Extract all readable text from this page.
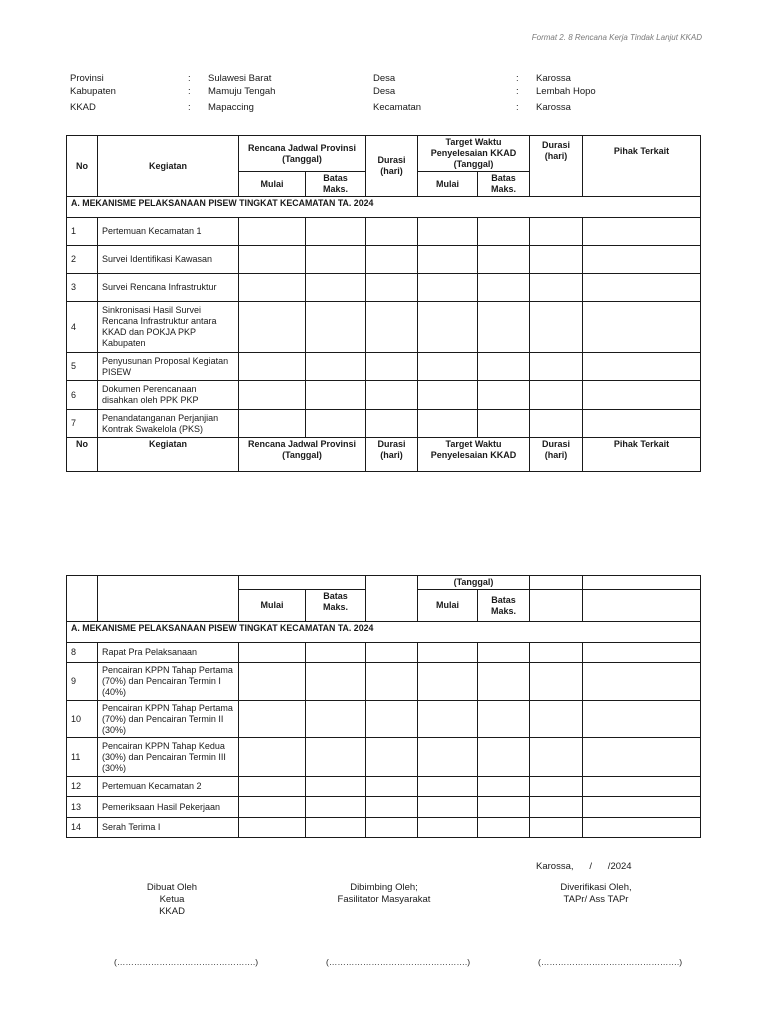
Format 2. 8 Rencana Kerja Tindak Lanjut KKAD
Provinsi	: Sulawesi Barat	Desa	: Karossa
Kabupaten	: Mamuju Tengah	Desa	: Lembah Hopo
KKAD	: Mapaccing	Kecamatan	: Karossa
No	Kegiatan	Rencana Jadwal Provinsi (Tanggal)		Durasi (hari)	Target Waktu Penyelesaian KKAD (Tanggal)		Durasi (hari)	Pihak Terkait
		Mulai	Batas Maks.		Mulai	Batas Maks.		
A. MEKANISME PELAKSANAAN PISEW TINGKAT KECAMATAN TA. 2024								
1	Pertemuan Kecamatan 1							
2	Survei Identifikasi Kawasan							
3	Survei Rencana Infrastruktur							
4	Sinkronisasi Hasil Survei Rencana Infrastruktur antara KKAD dan POKJA PKP Kabupaten							
5	Penyusunan Proposal Kegiatan PISEW							
6	Dokumen Perencanaan disahkan oleh PPK PKP							
7	Penandatanganan Perjanjian Kontrak Swakelola (PKS)							
No	Kegiatan	Rencana Jadwal Provinsi (Tanggal)		Durasi (hari)	Target Waktu Penyelesaian KKAD		Durasi (hari)	Pihak Terkait
					(Tanggal)			
		Mulai	Batas Maks.		Mulai	Batas Maks.		
A. MEKANISME PELAKSANAAN PISEW TINGKAT KECAMATAN TA. 2024								
8	Rapat Pra Pelaksanaan							
9	Pencairan KPPN Tahap Pertama (70%) dan Pencairan Termin I (40%)							
10	Pencairan KPPN Tahap Pertama (70%) dan Pencairan Termin II (30%)							
11	Pencairan KPPN Tahap Kedua (30%) dan Pencairan Termin III (30%)							
12	Pertemuan Kecamatan 2							
13	Pemeriksaan Hasil Pekerjaan							
14	Serah Terima I							
Karossa,      /      /2024
Dibuat Oleh
Ketua
KKAD
Dibimbing Oleh;
Fasilitator Masyarakat
Diverifikasi Oleh,
TAPr/ Ass TAPr
(………………………………………….)	(………………………………………….)	(………………………………………….)
